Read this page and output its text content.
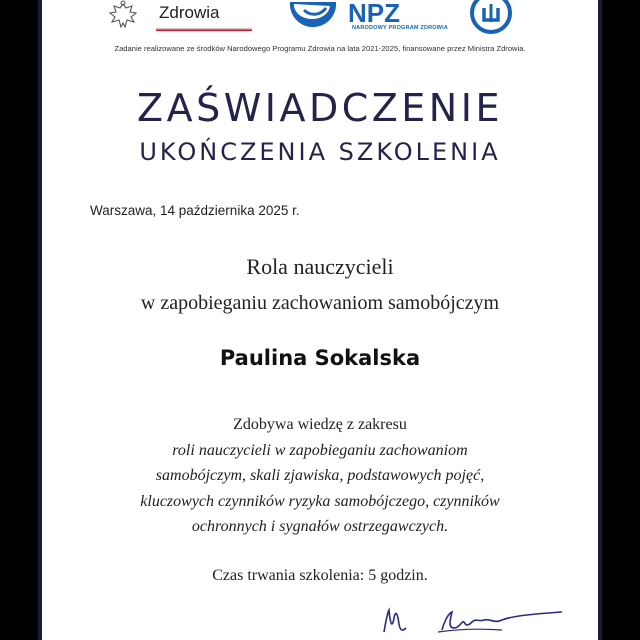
Zdrowia	NPZ
NARODOWY PROGRAM ZDROWIA
Zadanie realizowane ze środków Narodowego Programu Zdrowia na lata 2021-2025, finansowane przez Ministra Zdrowia.
ZAŚWIADCZENIE
UKOŃCZENIA SZKOLENIA
Warszawa, 14 października 2025 r.
Rola nauczycieli
w zapobieganiu zachowaniom samobójczym
Paulina Sokalska
Zdobywa wiedzę z zakresu
roli nauczycieli w zapobieganiu zachowaniom
samobójczym, skali zjawiska, podstawowych pojęć,
kluczowych czynników ryzyka samobójczego, czynników
ochronnych i sygnałów ostrzegawczych.
Czas trwania szkolenia: 5 godzin.
